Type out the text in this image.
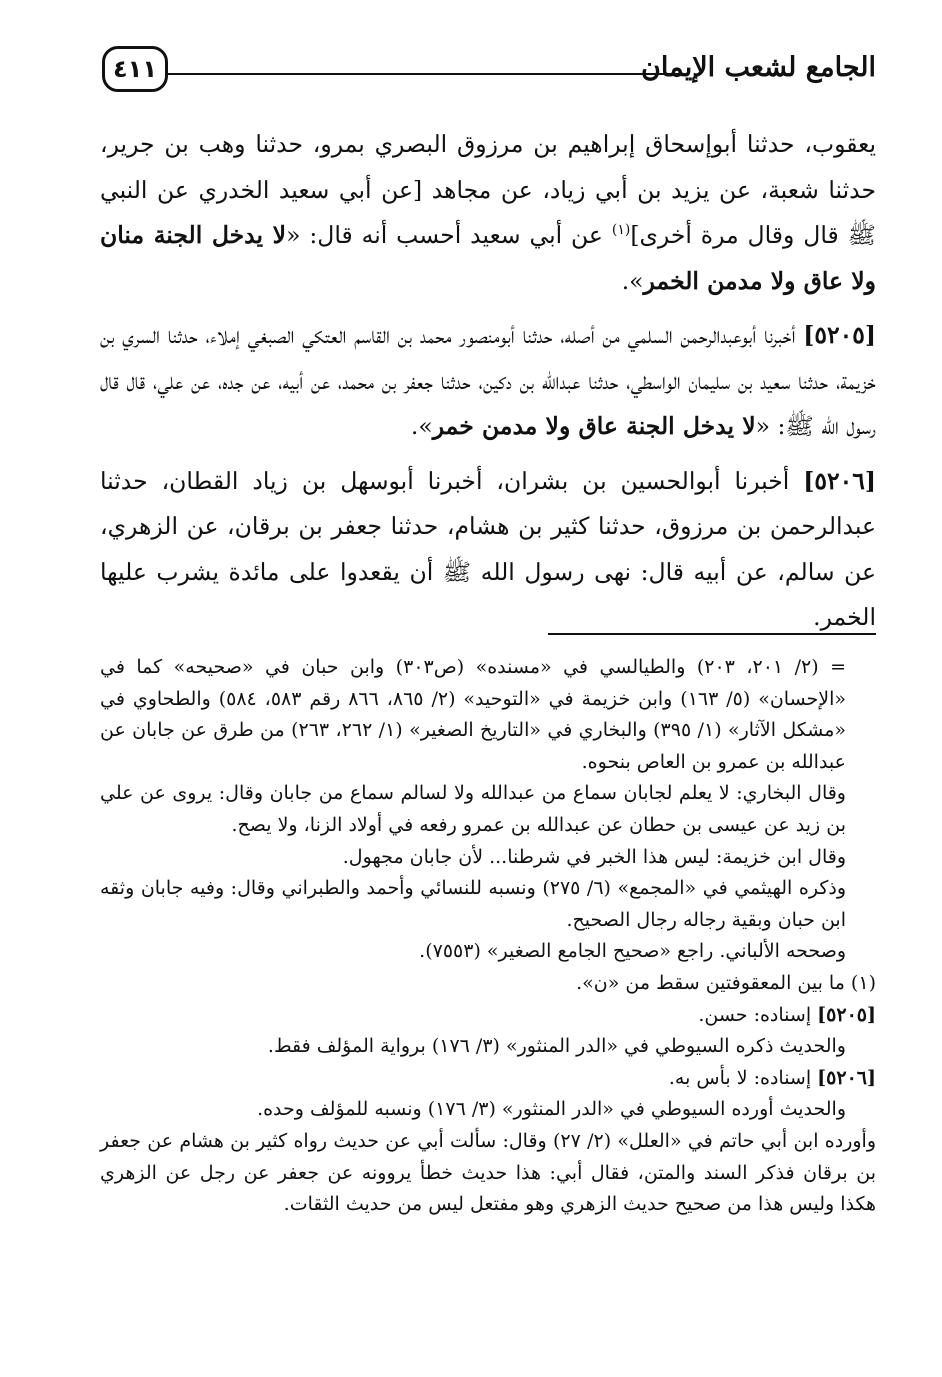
الجامع لشعب الإيمان
٤١١

يعقوب، حدثنا أبوإسحاق إبراهيم بن مرزوق البصري بمرو، حدثنا وهب بن جرير، حدثنا شعبة، عن يزيد بن أبي زياد، عن مجاهد [عن أبي سعيد الخدري عن النبي ﷺ قال وقال مرة أخرى]$^{(١)}$ عن أبي سعيد أحسب أنه قال: «لا يدخل الجنة منان ولا عاق ولا مدمن الخمر».

[٥٢٠٥] أخبرنا أبوعبدالرحمن السلمي من أصله، حدثنا أبومنصور محمد بن القاسم العتكي الصبغي إملاء، حدثنا السري بن خزيمة، حدثنا سعيد بن سليمان الواسطي، حدثنا عبدالله بن دكين، حدثنا جعفر بن محمد، عن أبيه، عن جده، عن علي، قال قال رسول الله ﷺ: «لا يدخل الجنة عاق ولا مدمن خمر».

[٥٢٠٦] أخبرنا أبوالحسين بن بشران، أخبرنا أبوسهل بن زياد القطان، حدثنا عبدالرحمن بن مرزوق، حدثنا كثير بن هشام، حدثنا جعفر بن برقان، عن الزهري، عن سالم، عن أبيه قال: نهى رسول الله ﷺ أن يقعدوا على مائدة يشرب عليها الخمر.

= (٢/ ٢٠١، ٢٠٣) والطيالسي في «مسنده» (ص٣٠٣) وابن حبان في «صحيحه» كما في «الإحسان» (٥/ ١٦٣) وابن خزيمة في «التوحيد» (٢/ ٨٦٥، ٨٦٦ رقم ٥٨٣، ٥٨٤) والطحاوي في «مشكل الآثار» (١/ ٣٩٥) والبخاري في «التاريخ الصغير» (١/ ٢٦٢، ٢٦٣) من طرق عن جابان عن عبدالله بن عمرو بن العاص بنحوه.

وقال البخاري: لا يعلم لجابان سماع من عبدالله ولا لسالم سماع من جابان وقال: يروى عن علي بن زيد عن عيسى بن حطان عن عبدالله بن عمرو رفعه في أولاد الزنا، ولا يصح.

وقال ابن خزيمة: ليس هذا الخبر في شرطنا... لأن جابان مجهول.

وذكره الهيثمي في «المجمع» (٦/ ٢٧٥) ونسبه للنسائي وأحمد والطبراني وقال: وفيه جابان وثقه ابن حبان وبقية رجاله رجال الصحيح.

وصححه الألباني. راجع «صحيح الجامع الصغير» (٧٥٥٣).

(١) ما بين المعقوفتين سقط من «ن».

[٥٢٠٥] إسناده: حسن.

والحديث ذكره السيوطي في «الدر المنثور» (٣/ ١٧٦) برواية المؤلف فقط.

[٥٢٠٦] إسناده: لا بأس به.

والحديث أورده السيوطي في «الدر المنثور» (٣/ ١٧٦) ونسبه للمؤلف وحده.

وأورده ابن أبي حاتم في «العلل» (٢/ ٢٧) وقال: سألت أبي عن حديث رواه كثير بن هشام عن جعفر بن برقان فذكر السند والمتن، فقال أبي: هذا حديث خطأ يروونه عن جعفر عن رجل عن الزهري هكذا وليس هذا من صحيح حديث الزهري وهو مفتعل ليس من حديث الثقات.
